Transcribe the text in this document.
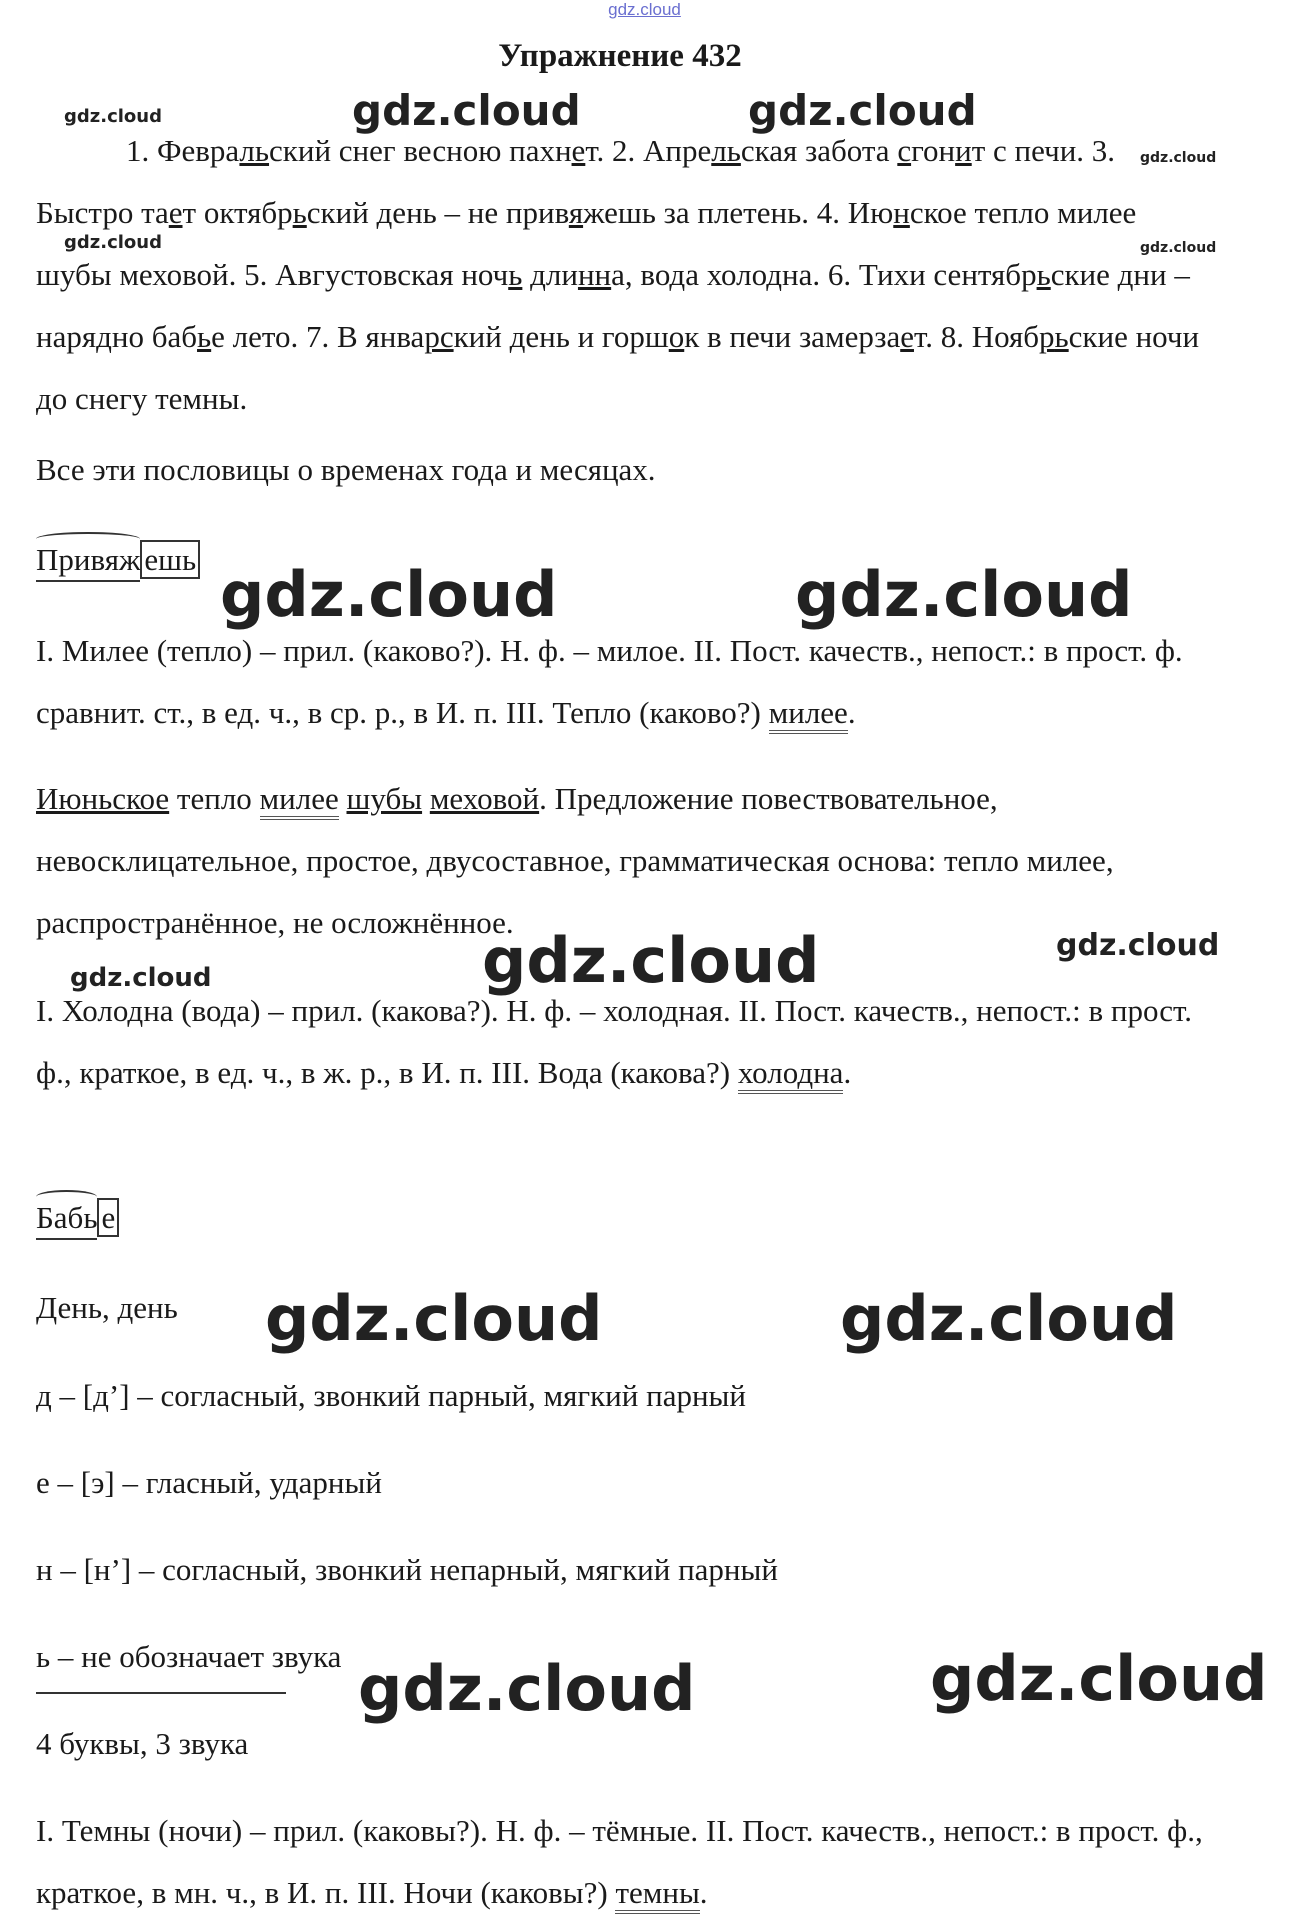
gdz.cloud
Упражнение 432
1. Февральский снег весною пахнет. 2. Апрельская забота сгонит с печи. 3. Быстро тает октябрьский день – не привяжешь за плетень. 4. Июнское тепло милее шубы меховой. 5. Августовская ночь длинна, вода холодна. 6. Тихи сентябрьские дни – нарядно бабье лето. 7. В январский день и горшок в печи замерзает. 8. Ноябрьские ночи до снегу темны.
Все эти пословицы о временах года и месяцах.
Привяж ешь
I. Милее (тепло) – прил. (каково?). Н. ф. – милое. II. Пост. качеств., непост.: в прост. ф. сравнит. ст., в ед. ч., в ср. р., в И. п. III. Тепло (каково?) милее.
Июньское тепло милее шубы меховой. Предложение повествовательное, невосклицательное, простое, двусоставное, грамматическая основа: тепло милее, распространённое, не осложнённое.
I. Холодна (вода) – прил. (какова?). Н. ф. – холодная. II. Пост. качеств., непост.: в прост. ф., краткое, в ед. ч., в ж. р., в И. п. III. Вода (какова?) холодна.
Бабь е
День, день
д – [д’] – согласный, звонкий парный, мягкий парный
е – [э] – гласный, ударный
н – [н’] – согласный, звонкий непарный, мягкий парный
ь – не обозначает звука
4 буквы, 3 звука
I. Темны (ночи) – прил. (каковы?). Н. ф. – тёмные. II. Пост. качеств., непост.: в прост. ф., краткое, в мн. ч., в И. п. III. Ночи (каковы?) темны.
gdz.cloud	gdz.cloud	gdz.cloud
gdz.cloud
gdz.cloud	gdz.cloud
gdz.cloud	gdz.cloud
gdz.cloud
gdz.cloud
gdz.cloud
gdz.cloud	gdz.cloud
gdz.cloud	gdz.cloud
